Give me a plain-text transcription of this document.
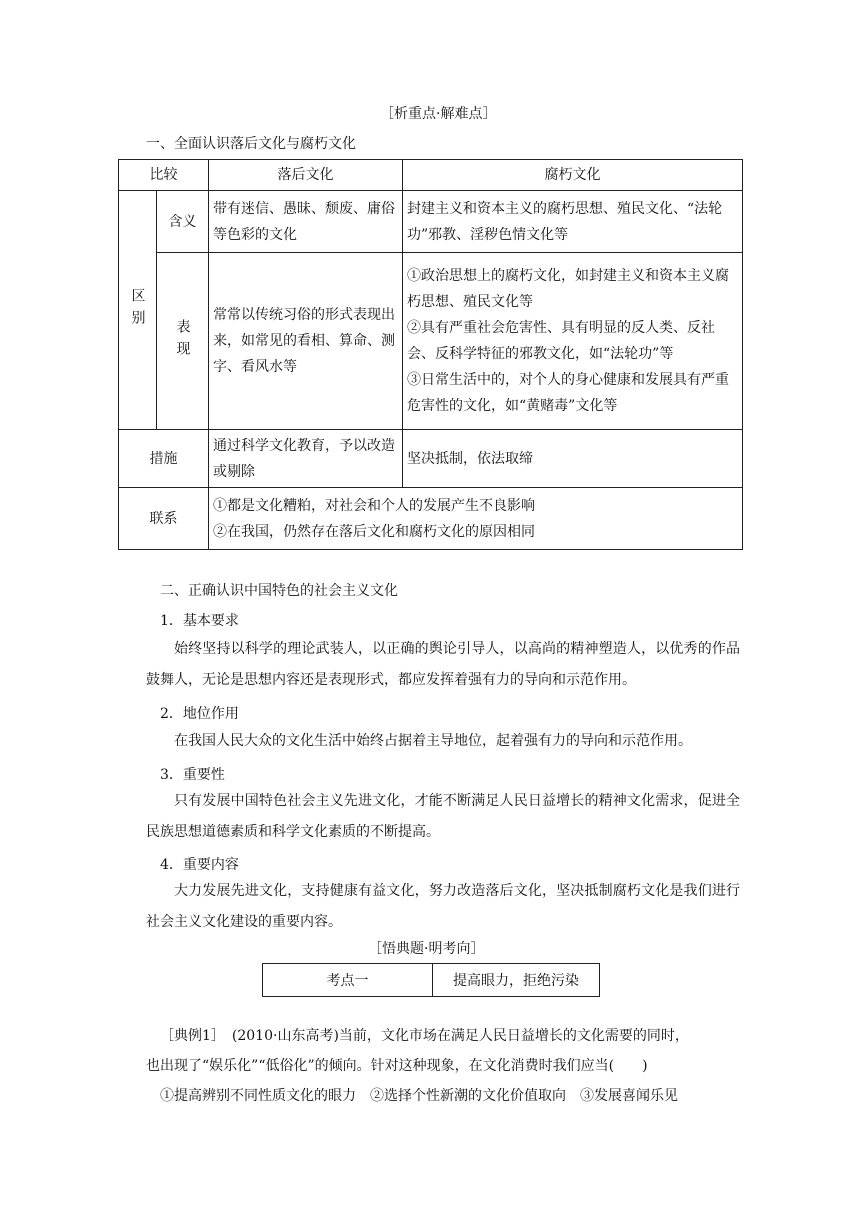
［析重点·解难点］
一、全面认识落后文化与腐朽文化
比较		落后文化	腐朽文化

区别	含义	带有迷信、愚昧、颓废、庸俗等色彩的文化	封建主义和资本主义的腐朽思想、殖民文化、“法轮功”邪教、淫秽色情文化等

	表现	常常以传统习俗的形式表现出来，如常见的看相、算命、测字、看风水等	①政治思想上的腐朽文化，如封建主义和资本主义腐朽思想、殖民文化等
②具有严重社会危害性、具有明显的反人类、反社会、反科学特征的邪教文化，如“法轮功”等
③日常生活中的，对个人的身心健康和发展具有严重危害性的文化，如“黄赌毒”文化等

措施		通过科学文化教育，予以改造或剔除	坚决抵制，依法取缔
联系		①都是文化糟粕，对社会和个人的发展产生不良影响
②在我国，仍然存在落后文化和腐朽文化的原因相同	
二、正确认识中国特色的社会主义文化
1．基本要求
始终坚持以科学的理论武装人，以正确的舆论引导人，以高尚的精神塑造人，以优秀的作品鼓舞人，无论是思想内容还是表现形式，都应发挥着强有力的导向和示范作用。
2．地位作用
在我国人民大众的文化生活中始终占据着主导地位，起着强有力的导向和示范作用。
3．重要性
只有发展中国特色社会主义先进文化，才能不断满足人民日益增长的精神文化需求，促进全民族思想道德素质和科学文化素质的不断提高。
4．重要内容
大力发展先进文化，支持健康有益文化，努力改造落后文化，坚决抵制腐朽文化是我们进行社会主义文化建设的重要内容。
［悟典题·明考向］
考点一	提高眼力，拒绝污染
［典例1］　(2010·山东高考)当前，文化市场在满足人民日益增长的文化需要的同时，
也出现了“娱乐化”“低俗化”的倾向。针对这种现象，在文化消费时我们应当(　　)
①提高辨别不同性质文化的眼力　②选择个性新潮的文化价值取向　③发展喜闻乐见
